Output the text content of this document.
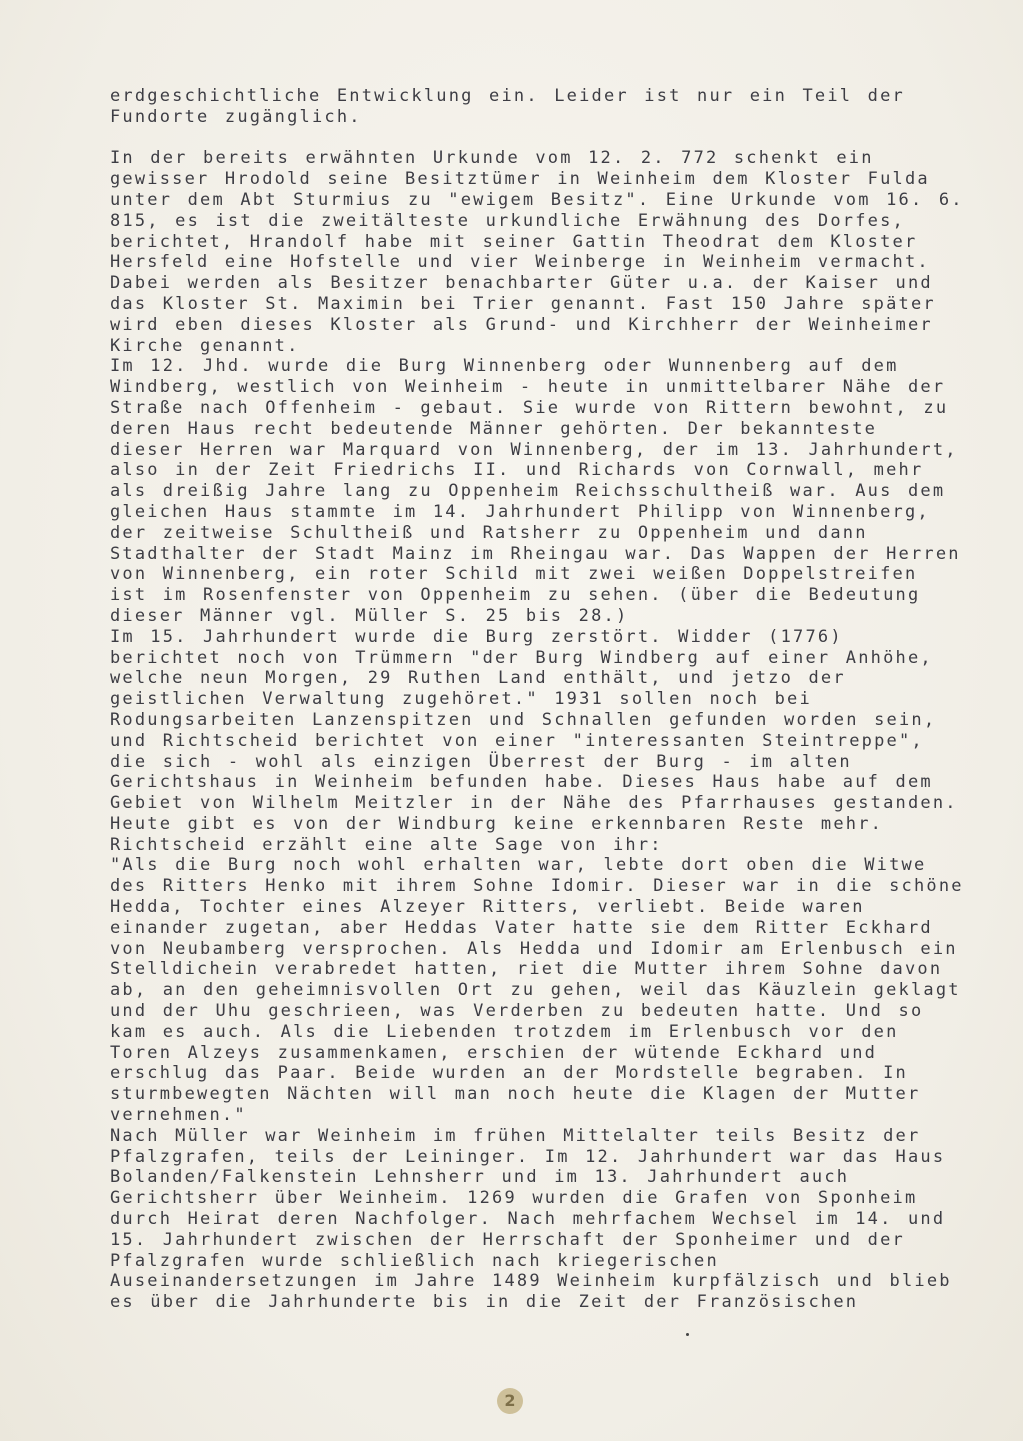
erdgeschichtliche Entwicklung ein. Leider ist nur ein Teil der
Fundorte zugänglich.
In der bereits erwähnten Urkunde vom 12. 2. 772 schenkt ein
gewisser Hrodold seine Besitztümer in Weinheim dem Kloster Fulda
unter dem Abt Sturmius zu "ewigem Besitz". Eine Urkunde vom 16. 6.
815, es ist die zweitälteste urkundliche Erwähnung des Dorfes,
berichtet, Hrandolf habe mit seiner Gattin Theodrat dem Kloster
Hersfeld eine Hofstelle und vier Weinberge in Weinheim vermacht.
Dabei werden als Besitzer benachbarter Güter u.a. der Kaiser und
das Kloster St. Maximin bei Trier genannt. Fast 150 Jahre später
wird eben dieses Kloster als Grund- und Kirchherr der Weinheimer
Kirche genannt.
Im 12. Jhd. wurde die Burg Winnenberg oder Wunnenberg auf dem
Windberg, westlich von Weinheim - heute in unmittelbarer Nähe der
Straße nach Offenheim - gebaut. Sie wurde von Rittern bewohnt, zu
deren Haus recht bedeutende Männer gehörten. Der bekannteste
dieser Herren war Marquard von Winnenberg, der im 13. Jahrhundert,
also in der Zeit Friedrichs II. und Richards von Cornwall, mehr
als dreißig Jahre lang zu Oppenheim Reichsschultheiß war. Aus dem
gleichen Haus stammte im 14. Jahrhundert Philipp von Winnenberg,
der zeitweise Schultheiß und Ratsherr zu Oppenheim und dann
Stadthalter der Stadt Mainz im Rheingau war. Das Wappen der Herren
von Winnenberg, ein roter Schild mit zwei weißen Doppelstreifen
ist im Rosenfenster von Oppenheim zu sehen. (über die Bedeutung
dieser Männer vgl. Müller S. 25 bis 28.)
Im 15. Jahrhundert wurde die Burg zerstört. Widder (1776)
berichtet noch von Trümmern "der Burg Windberg auf einer Anhöhe,
welche neun Morgen, 29 Ruthen Land enthält, und jetzo der
geistlichen Verwaltung zugehöret." 1931 sollen noch bei
Rodungsarbeiten Lanzenspitzen und Schnallen gefunden worden sein,
und Richtscheid berichtet von einer "interessanten Steintreppe",
die sich - wohl als einzigen Überrest der Burg - im alten
Gerichtshaus in Weinheim befunden habe. Dieses Haus habe auf dem
Gebiet von Wilhelm Meitzler in der Nähe des Pfarrhauses gestanden.
Heute gibt es von der Windburg keine erkennbaren Reste mehr.
Richtscheid erzählt eine alte Sage von ihr:
"Als die Burg noch wohl erhalten war, lebte dort oben die Witwe
des Ritters Henko mit ihrem Sohne Idomir. Dieser war in die schöne
Hedda, Tochter eines Alzeyer Ritters, verliebt. Beide waren
einander zugetan, aber Heddas Vater hatte sie dem Ritter Eckhard
von Neubamberg versprochen. Als Hedda und Idomir am Erlenbusch ein
Stelldichein verabredet hatten, riet die Mutter ihrem Sohne davon
ab, an den geheimnisvollen Ort zu gehen, weil das Käuzlein geklagt
und der Uhu geschrieen, was Verderben zu bedeuten hatte. Und so
kam es auch. Als die Liebenden trotzdem im Erlenbusch vor den
Toren Alzeys zusammenkamen, erschien der wütende Eckhard und
erschlug das Paar. Beide wurden an der Mordstelle begraben. In
sturmbewegten Nächten will man noch heute die Klagen der Mutter
vernehmen."
Nach Müller war Weinheim im frühen Mittelalter teils Besitz der
Pfalzgrafen, teils der Leininger. Im 12. Jahrhundert war das Haus
Bolanden/Falkenstein Lehnsherr und im 13. Jahrhundert auch
Gerichtsherr über Weinheim. 1269 wurden die Grafen von Sponheim
durch Heirat deren Nachfolger. Nach mehrfachem Wechsel im 14. und
15. Jahrhundert zwischen der Herrschaft der Sponheimer und der
Pfalzgrafen wurde schließlich nach kriegerischen
Auseinandersetzungen im Jahre 1489 Weinheim kurpfälzisch und blieb
es über die Jahrhunderte bis in die Zeit der Französischen
2
